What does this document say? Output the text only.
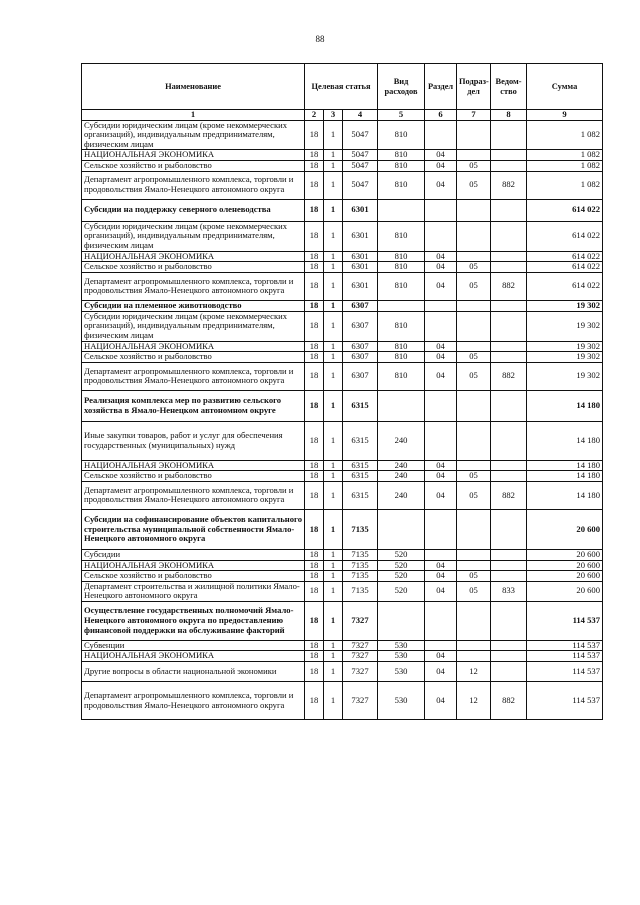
88
Наименование	Целевая статья			Вид расходов	Раздел	Подраз- дел	Ведом- ство	Сумма
1	2	3	4	5	6	7	8	9
Субсидии юридическим лицам (кроме некоммерческих организаций), индивидуальным предпринимателям, физическим лицам	18	1	5047	810				1 082
НАЦИОНАЛЬНАЯ ЭКОНОМИКА	18	1	5047	810	04			1 082
Сельское хозяйство и рыболовство	18	1	5047	810	04	05		1 082
Департамент агропромышленного комплекса, торговли и продовольствия Ямало-Ненецкого автономного округа	18	1	5047	810	04	05	882	1 082
Субсидии на поддержку северного оленеводства	18	1	6301					614 022
Субсидии юридическим лицам (кроме некоммерческих организаций), индивидуальным предпринимателям, физическим лицам	18	1	6301	810				614 022
НАЦИОНАЛЬНАЯ ЭКОНОМИКА	18	1	6301	810	04			614 022
Сельское хозяйство и рыболовство	18	1	6301	810	04	05		614 022
Департамент агропромышленного комплекса, торговли и продовольствия Ямало-Ненецкого автономного округа	18	1	6301	810	04	05	882	614 022
Субсидии на племенное животноводство	18	1	6307					19 302
Субсидии юридическим лицам (кроме некоммерческих организаций), индивидуальным предпринимателям, физическим лицам	18	1	6307	810				19 302
НАЦИОНАЛЬНАЯ ЭКОНОМИКА	18	1	6307	810	04			19 302
Сельское хозяйство и рыболовство	18	1	6307	810	04	05		19 302
Департамент агропромышленного комплекса, торговли и продовольствия Ямало-Ненецкого автономного округа	18	1	6307	810	04	05	882	19 302
Реализация комплекса мер по развитию сельского хозяйства в Ямало-Ненецком автономном округе	18	1	6315					14 180
Иные закупки товаров, работ и услуг для обеспечения государственных (муниципальных) нужд	18	1	6315	240				14 180
НАЦИОНАЛЬНАЯ ЭКОНОМИКА	18	1	6315	240	04			14 180
Сельское хозяйство и рыболовство	18	1	6315	240	04	05		14 180
Департамент агропромышленного комплекса, торговли и продовольствия Ямало-Ненецкого автономного округа	18	1	6315	240	04	05	882	14 180
Субсидии на софинансирование объектов капитального строительства муниципальной собственности Ямало-Ненецкого автономного округа	18	1	7135					20 600
Субсидии	18	1	7135	520				20 600
НАЦИОНАЛЬНАЯ ЭКОНОМИКА	18	1	7135	520	04			20 600
Сельское хозяйство и рыболовство	18	1	7135	520	04	05		20 600
Департамент строительства и жилищной политики Ямало-Ненецкого автономного округа	18	1	7135	520	04	05	833	20 600
Осуществление государственных полномочий Ямало-Ненецкого автономного округа по предоставлению финансовой поддержки на обслуживание факторий	18	1	7327					114 537
Субвенции	18	1	7327	530				114 537
НАЦИОНАЛЬНАЯ ЭКОНОМИКА	18	1	7327	530	04			114 537
Другие вопросы в области национальной экономики	18	1	7327	530	04	12		114 537
Департамент агропромышленного комплекса, торговли и продовольствия Ямало-Ненецкого автономного округа	18	1	7327	530	04	12	882	114 537
